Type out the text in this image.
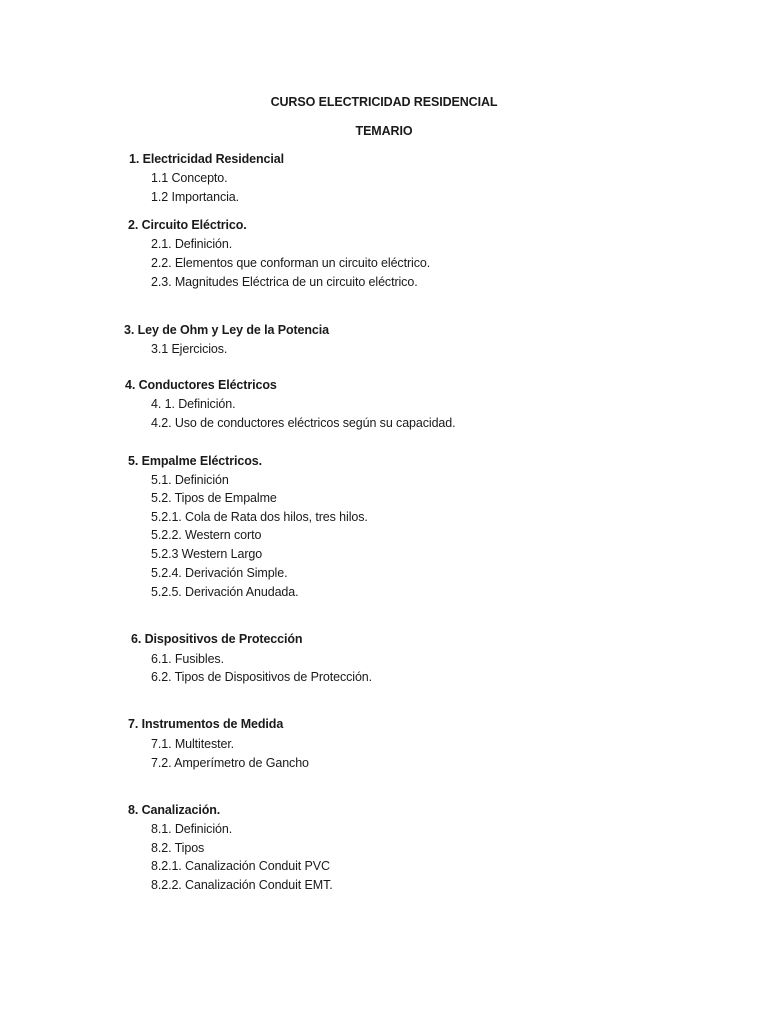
CURSO ELECTRICIDAD RESIDENCIAL
TEMARIO
1. Electricidad Residencial
1.1 Concepto.
1.2 Importancia.
2. Circuito Eléctrico.
2.1. Definición.
2.2. Elementos que conforman un circuito eléctrico.
2.3. Magnitudes Eléctrica de un circuito eléctrico.
3. Ley de Ohm y Ley de la Potencia
3.1 Ejercicios.
4. Conductores Eléctricos
4. 1. Definición.
4.2. Uso de conductores eléctricos según su capacidad.
5. Empalme Eléctricos.
5.1. Definición
5.2. Tipos de Empalme
5.2.1. Cola de Rata dos hilos, tres hilos.
5.2.2. Western corto
5.2.3 Western Largo
5.2.4. Derivación Simple.
5.2.5. Derivación Anudada.
6. Dispositivos de Protección
6.1. Fusibles.
6.2. Tipos de Dispositivos de Protección.
7. Instrumentos de Medida
7.1. Multitester.
7.2. Amperímetro de Gancho
8. Canalización.
8.1. Definición.
8.2. Tipos
8.2.1. Canalización Conduit PVC
8.2.2. Canalización Conduit EMT.
